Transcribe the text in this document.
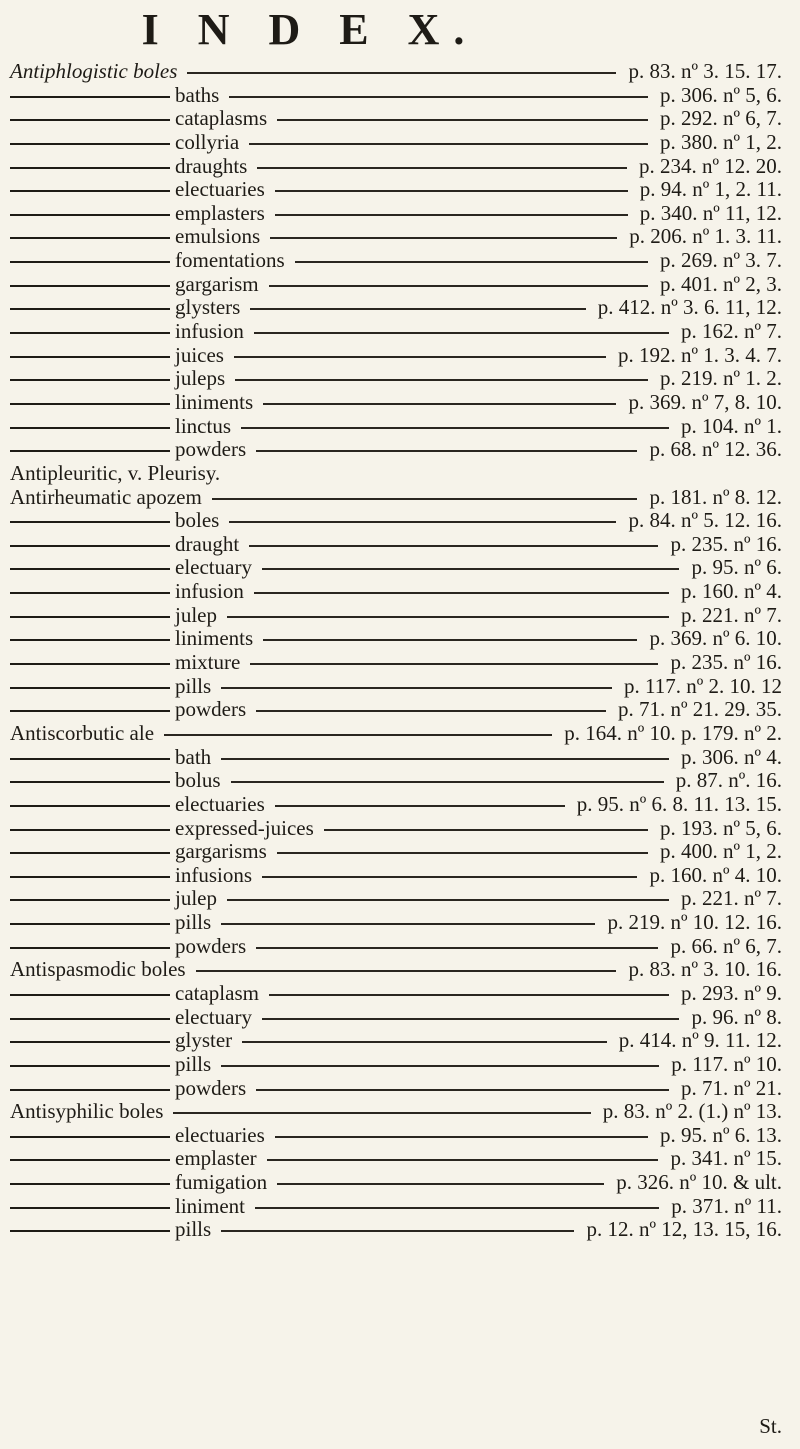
I N D E X.
Antiphlogistic boles	p. 83. nº 3. 15. 17.
baths	p. 306. nº 5, 6.
cataplasms	p. 292. nº 6, 7.
collyria	p. 380. nº 1, 2.
draughts	p. 234. nº 12. 20.
electuaries	p. 94. nº 1, 2. 11.
emplasters	p. 340. nº 11, 12.
emulsions	p. 206. nº 1. 3. 11.
fomentations	p. 269. nº 3. 7.
gargarism	p. 401. nº 2, 3.
glysters	p. 412. nº 3. 6. 11, 12.
infusion	p. 162. nº 7.
juices	p. 192. nº 1. 3. 4. 7.
juleps	p. 219. nº 1. 2.
liniments	p. 369. nº 7, 8. 10.
linctus	p. 104. nº 1.
powders	p. 68. nº 12. 36.
Antipleuritic, v. Pleurisy.
Antirheumatic apozem	p. 181. nº 8. 12.
boles	p. 84. nº 5. 12. 16.
draught	p. 235. nº 16.
electuary	p. 95. nº 6.
infusion	p. 160. nº 4.
julep	p. 221. nº 7.
liniments	p. 369. nº 6. 10.
mixture	p. 235. nº 16.
pills	p. 117. nº 2. 10. 12
powders	p. 71. nº 21. 29. 35.
Antiscorbutic ale	p. 164. nº 10. p. 179. nº 2.
bath	p. 306. nº 4.
bolus	p. 87. nº. 16.
electuaries	p. 95. nº 6. 8. 11. 13. 15.
expressed-juices	p. 193. nº 5, 6.
gargarisms	p. 400. nº 1, 2.
infusions	p. 160. nº 4. 10.
julep	p. 221. nº 7.
pills	p. 219. nº 10. 12. 16.
powders	p. 66. nº 6, 7.
Antispasmodic boles	p. 83. nº 3. 10. 16.
cataplasm	p. 293. nº 9.
electuary	p. 96. nº 8.
glyster	p. 414. nº 9. 11. 12.
pills	p. 117. nº 10.
powders	p. 71. nº 21.
Antisyphilic boles	p. 83. nº 2. (1.) nº 13.
electuaries	p. 95. nº 6. 13.
emplaster	p. 341. nº 15.
fumigation	p. 326. nº 10. & ult.
liniment	p. 371. nº 11.
pills	p. 12. nº 12, 13. 15, 16.
St.
